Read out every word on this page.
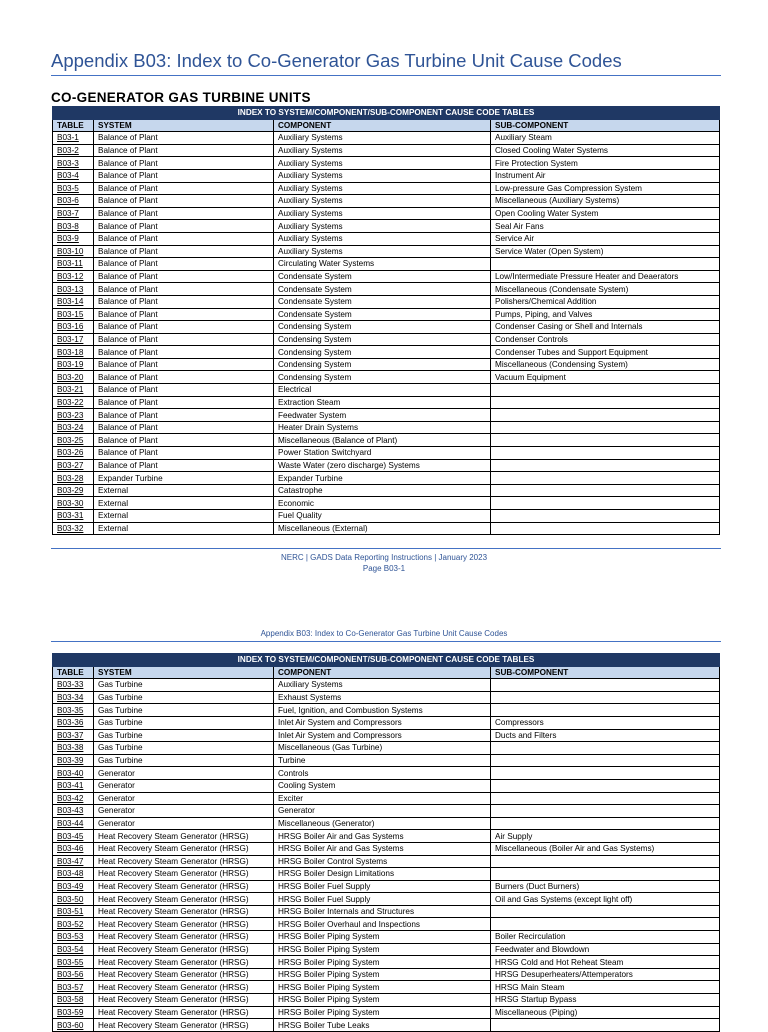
Appendix B03: Index to Co-Generator Gas Turbine Unit Cause Codes
CO-GENERATOR GAS TURBINE UNITS
INDEX TO SYSTEM/COMPONENT/SUB-COMPONENT CAUSE CODE TABLES			
TABLE	SYSTEM	COMPONENT	SUB-COMPONENT
B03-1	Balance of Plant	Auxiliary Systems	Auxiliary Steam
B03-2	Balance of Plant	Auxiliary Systems	Closed Cooling Water Systems
B03-3	Balance of Plant	Auxiliary Systems	Fire Protection System
B03-4	Balance of Plant	Auxiliary Systems	Instrument Air
B03-5	Balance of Plant	Auxiliary Systems	Low-pressure Gas Compression System
B03-6	Balance of Plant	Auxiliary Systems	Miscellaneous (Auxiliary Systems)
B03-7	Balance of Plant	Auxiliary Systems	Open Cooling Water System
B03-8	Balance of Plant	Auxiliary Systems	Seal Air Fans
B03-9	Balance of Plant	Auxiliary Systems	Service Air
B03-10	Balance of Plant	Auxiliary Systems	Service Water (Open System)
B03-11	Balance of Plant	Circulating Water Systems	
B03-12	Balance of Plant	Condensate System	Low/Intermediate Pressure Heater and Deaerators
B03-13	Balance of Plant	Condensate System	Miscellaneous (Condensate System)
B03-14	Balance of Plant	Condensate System	Polishers/Chemical Addition
B03-15	Balance of Plant	Condensate System	Pumps, Piping, and Valves
B03-16	Balance of Plant	Condensing System	Condenser Casing or Shell and Internals
B03-17	Balance of Plant	Condensing System	Condenser Controls
B03-18	Balance of Plant	Condensing System	Condenser Tubes and Support Equipment
B03-19	Balance of Plant	Condensing System	Miscellaneous (Condensing System)
B03-20	Balance of Plant	Condensing System	Vacuum Equipment
B03-21	Balance of Plant	Electrical	
B03-22	Balance of Plant	Extraction Steam	
B03-23	Balance of Plant	Feedwater System	
B03-24	Balance of Plant	Heater Drain Systems	
B03-25	Balance of Plant	Miscellaneous (Balance of Plant)	
B03-26	Balance of Plant	Power Station Switchyard	
B03-27	Balance of Plant	Waste Water (zero discharge) Systems	
B03-28	Expander Turbine	Expander Turbine	
B03-29	External	Catastrophe	
B03-30	External	Economic	
B03-31	External	Fuel Quality	
B03-32	External	Miscellaneous (External)	
NERC | GADS Data Reporting Instructions | January 2023
Page B03-1
Appendix B03: Index to Co-Generator Gas Turbine Unit Cause Codes
INDEX TO SYSTEM/COMPONENT/SUB-COMPONENT CAUSE CODE TABLES			
TABLE	SYSTEM	COMPONENT	SUB-COMPONENT
B03-33	Gas Turbine	Auxiliary Systems	
B03-34	Gas Turbine	Exhaust Systems	
B03-35	Gas Turbine	Fuel, Ignition, and Combustion Systems	
B03-36	Gas Turbine	Inlet Air System and Compressors	Compressors
B03-37	Gas Turbine	Inlet Air System and Compressors	Ducts and Filters
B03-38	Gas Turbine	Miscellaneous (Gas Turbine)	
B03-39	Gas Turbine	Turbine	
B03-40	Generator	Controls	
B03-41	Generator	Cooling System	
B03-42	Generator	Exciter	
B03-43	Generator	Generator	
B03-44	Generator	Miscellaneous (Generator)	
B03-45	Heat Recovery Steam Generator (HRSG)	HRSG Boiler Air and Gas Systems	Air Supply
B03-46	Heat Recovery Steam Generator (HRSG)	HRSG Boiler Air and Gas Systems	Miscellaneous (Boiler Air and Gas Systems)
B03-47	Heat Recovery Steam Generator (HRSG)	HRSG Boiler Control Systems	
B03-48	Heat Recovery Steam Generator (HRSG)	HRSG Boiler Design Limitations	
B03-49	Heat Recovery Steam Generator (HRSG)	HRSG Boiler Fuel Supply	Burners (Duct Burners)
B03-50	Heat Recovery Steam Generator (HRSG)	HRSG Boiler Fuel Supply	Oil and Gas Systems (except light off)
B03-51	Heat Recovery Steam Generator (HRSG)	HRSG Boiler Internals and Structures	
B03-52	Heat Recovery Steam Generator (HRSG)	HRSG Boiler Overhaul and Inspections	
B03-53	Heat Recovery Steam Generator (HRSG)	HRSG Boiler Piping System	Boiler Recirculation
B03-54	Heat Recovery Steam Generator (HRSG)	HRSG Boiler Piping System	Feedwater and Blowdown
B03-55	Heat Recovery Steam Generator (HRSG)	HRSG Boiler Piping System	HRSG Cold and Hot Reheat Steam
B03-56	Heat Recovery Steam Generator (HRSG)	HRSG Boiler Piping System	HRSG Desuperheaters/Attemperators
B03-57	Heat Recovery Steam Generator (HRSG)	HRSG Boiler Piping System	HRSG Main Steam
B03-58	Heat Recovery Steam Generator (HRSG)	HRSG Boiler Piping System	HRSG Startup Bypass
B03-59	Heat Recovery Steam Generator (HRSG)	HRSG Boiler Piping System	Miscellaneous (Piping)
B03-60	Heat Recovery Steam Generator (HRSG)	HRSG Boiler Tube Leaks	
